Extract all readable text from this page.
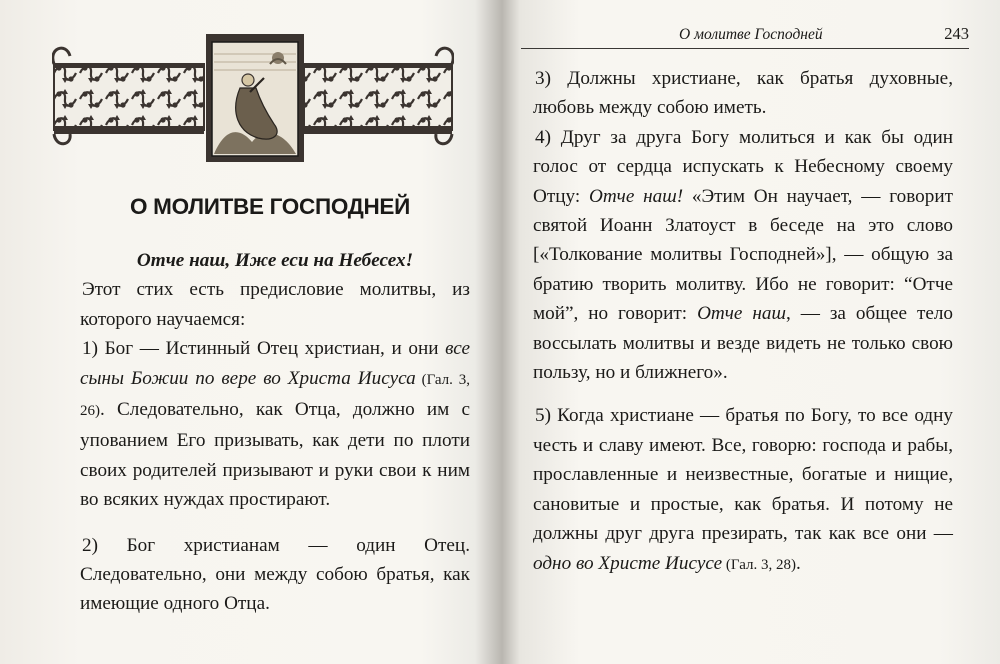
О МОЛИТВЕ ГОСПОДНЕЙ

Отче наш, Иже еси на Небесех!

Этот стих есть предисловие молитвы, из которого научаемся:

1) Бог — Истинный Отец христиан, и они все сыны Божии по вере во Христа Иисуса (Гал. 3, 26). Следовательно, как Отца, должно им с упованием Его призывать, как дети по плоти своих родителей призывают и руки свои к ним во всяких нуждах простирают.

2) Бог христианам — один Отец. Следовательно, они между собою братья, как имеющие одного Отца.

О молитве Господней	243

3) Должны христиане, как братья духовные, любовь между собою иметь.

4) Друг за друга Богу молиться и как бы один голос от сердца испускать к Небесному своему Отцу: Отче наш! «Этим Он научает, — говорит святой Иоанн Златоуст в беседе на это слово [«Толкование молитвы Господней»], — общую за братию творить молитву. Ибо не говорит: “Отче мой”, но говорит: Отче наш, — за общее тело воссылать молитвы и везде видеть не только свою пользу, но и ближнего».

5) Когда христиане — братья по Богу, то все одну честь и славу имеют. Все, говорю: господа и рабы, прославленные и неизвестные, богатые и нищие, сановитые и простые, как братья. И потому не должны друг друга презирать, так как все они — одно во Христе Иисусе (Гал. 3, 28).
